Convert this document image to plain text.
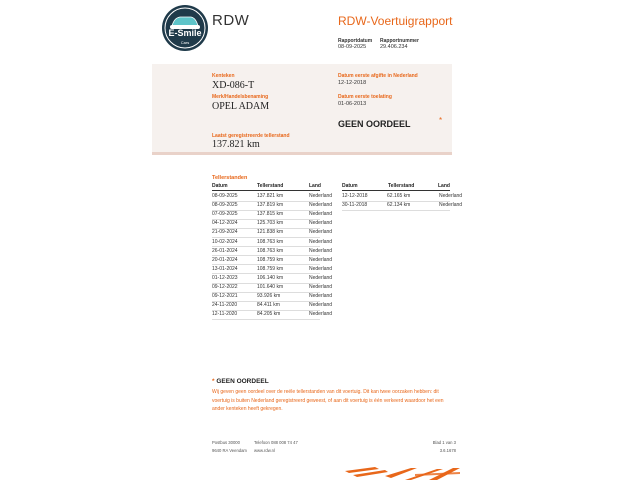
E-Smile
Cars
RDW	RDW-Voertuigrapport
Rapportdatum
08-09-2025
Rapportnummer
29.406.234
Kenteken
XD-086-T
Merk/Handelsbenaming
OPEL ADAM
Laatst geregistreerde tellerstand
137.821 km
Datum eerste afgifte in Nederland
12-12-2018
Datum eerste toelating
01-06-2013
GEEN OORDEEL	*
Tellerstanden
Datum	Tellerstand	Land	Datum	Tellerstand	Land
08-09-2025	137.821 km	Nederland
08-09-2025	137.819 km	Nederland
07-09-2025	137.815 km	Nederland
04-12-2024	125.703 km	Nederland
21-09-2024	121.838 km	Nederland
10-02-2024	108.763 km	Nederland
26-01-2024	108.763 km	Nederland
20-01-2024	108.759 km	Nederland
13-01-2024	108.759 km	Nederland
01-12-2023	106.140 km	Nederland
09-12-2022	101.640 km	Nederland
09-12-2021	93.926 km	Nederland
24-11-2020	84.411 km	Nederland
12-11-2020	84.205 km	Nederland
12-12-2018	62.165 km	Nederland
30-11-2018	62.134 km	Nederland
* GEEN OORDEEL
Wij geven geen oordeel over de reële tellerstanden van dit voertuig. Dit kan twee oorzaken hebben: dit
voertuig is buiten Nederland geregistreerd geweest, of aan dit voertuig is één verkeerd waardoor het een
ander kenteken heeft gekregen.
Postbus 30000
9640 RA Veendam
Telefoon 088 008 74 47
www.rdw.nl
Blad 1 van 3
3.6.1678
